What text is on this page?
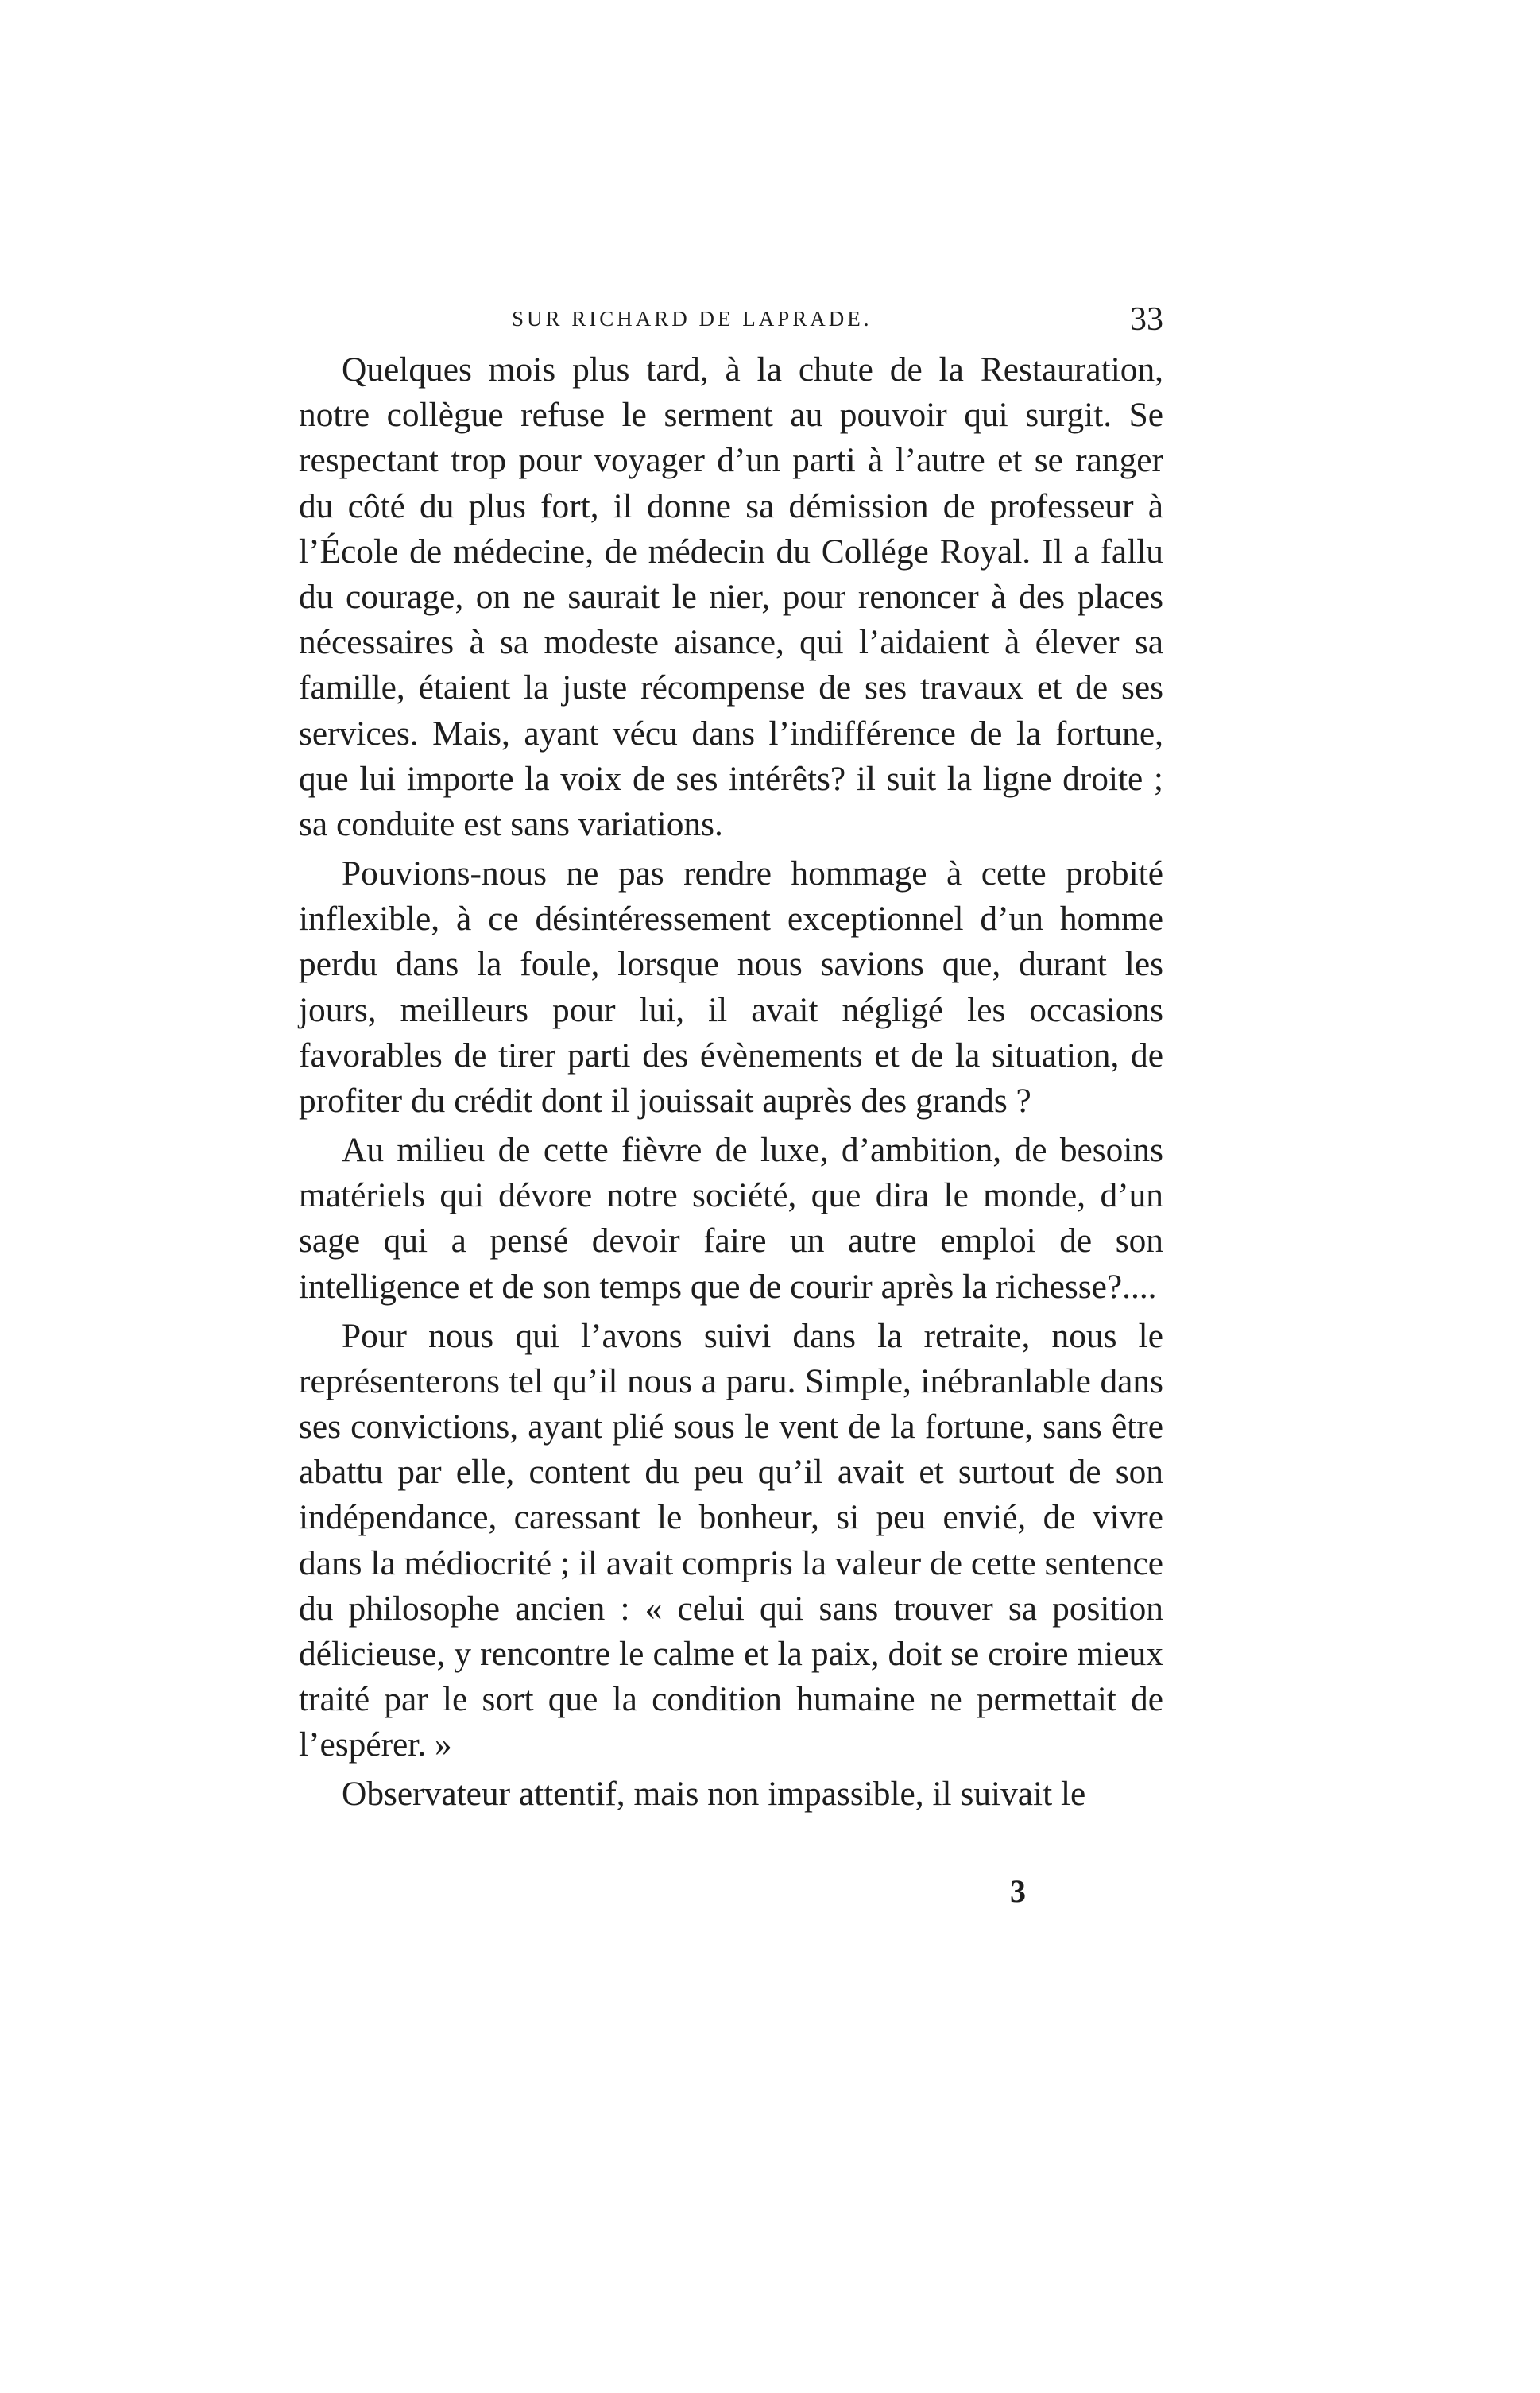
SUR RICHARD DE LAPRADE.	33

Quelques mois plus tard, à la chute de la Restauration, notre collègue refuse le serment au pouvoir qui surgit. Se respectant trop pour voyager d’un parti à l’autre et se ranger du côté du plus fort, il donne sa démission de professeur à l’École de médecine, de médecin du Collége Royal. Il a fallu du courage, on ne saurait le nier, pour renoncer à des places nécessaires à sa modeste aisance, qui l’aidaient à élever sa famille, étaient la juste récompense de ses travaux et de ses services. Mais, ayant vécu dans l’indifférence de la fortune, que lui importe la voix de ses intérêts? il suit la ligne droite ; sa conduite est sans variations.

Pouvions-nous ne pas rendre hommage à cette probité inflexible, à ce désintéressement exceptionnel d’un homme perdu dans la foule, lorsque nous savions que, durant les jours, meilleurs pour lui, il avait négligé les occasions favorables de tirer parti des évènements et de la situation, de profiter du crédit dont il jouissait auprès des grands ?

Au milieu de cette fièvre de luxe, d’ambition, de besoins matériels qui dévore notre société, que dira le monde, d’un sage qui a pensé devoir faire un autre emploi de son intelligence et de son temps que de courir après la richesse?....

Pour nous qui l’avons suivi dans la retraite, nous le représenterons tel qu’il nous a paru. Simple, inébranlable dans ses convictions, ayant plié sous le vent de la fortune, sans être abattu par elle, content du peu qu’il avait et surtout de son indépendance, caressant le bonheur, si peu envié, de vivre dans la médiocrité ; il avait compris la valeur de cette sentence du philosophe ancien : « celui qui sans trouver sa position délicieuse, y rencontre le calme et la paix, doit se croire mieux traité par le sort que la condition humaine ne permettait de l’espérer. »

Observateur attentif, mais non impassible, il suivait le

3
